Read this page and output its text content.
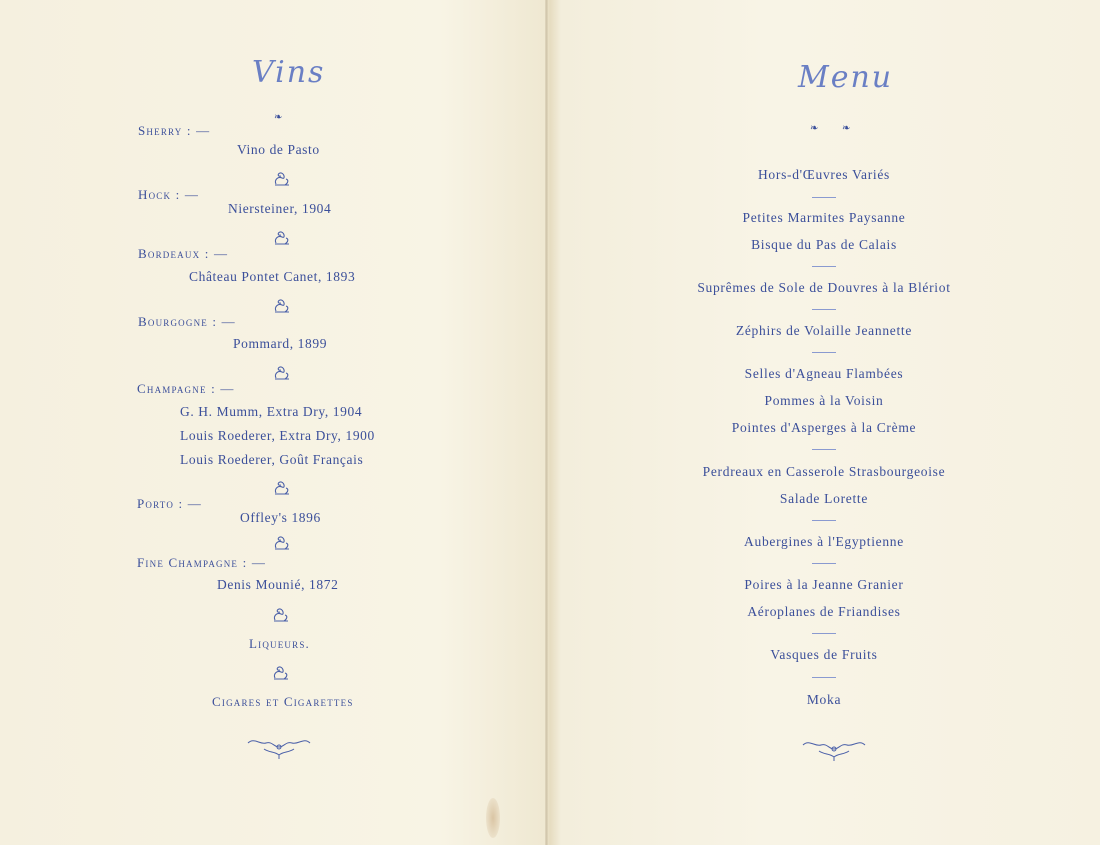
Vins
❧
Sherry : —
Vino de Pasto
Hock : —
Niersteiner, 1904
Bordeaux : —
Château Pontet Canet, 1893
Bourgogne : —
Pommard, 1899
Champagne : —
G. H. Mumm, Extra Dry, 1904
Louis Roederer, Extra Dry, 1900
Louis Roederer, Goût Français
Porto : —
Offley's 1896
Fine Champagne : —
Denis Mounié, 1872
Liqueurs.
Cigares et Cigarettes
Menu
❧ ❧
Hors-d'Œuvres Variés
Petites Marmites Paysanne
Bisque du Pas de Calais
Suprêmes de Sole de Douvres à la Blériot
Zéphirs de Volaille Jeannette
Selles d'Agneau Flambées
Pommes à la Voisin
Pointes d'Asperges à la Crème
Perdreaux en Casserole Strasbourgeoise
Salade Lorette
Aubergines à l'Egyptienne
Poires à la Jeanne Granier
Aéroplanes de Friandises
Vasques de Fruits
Moka
